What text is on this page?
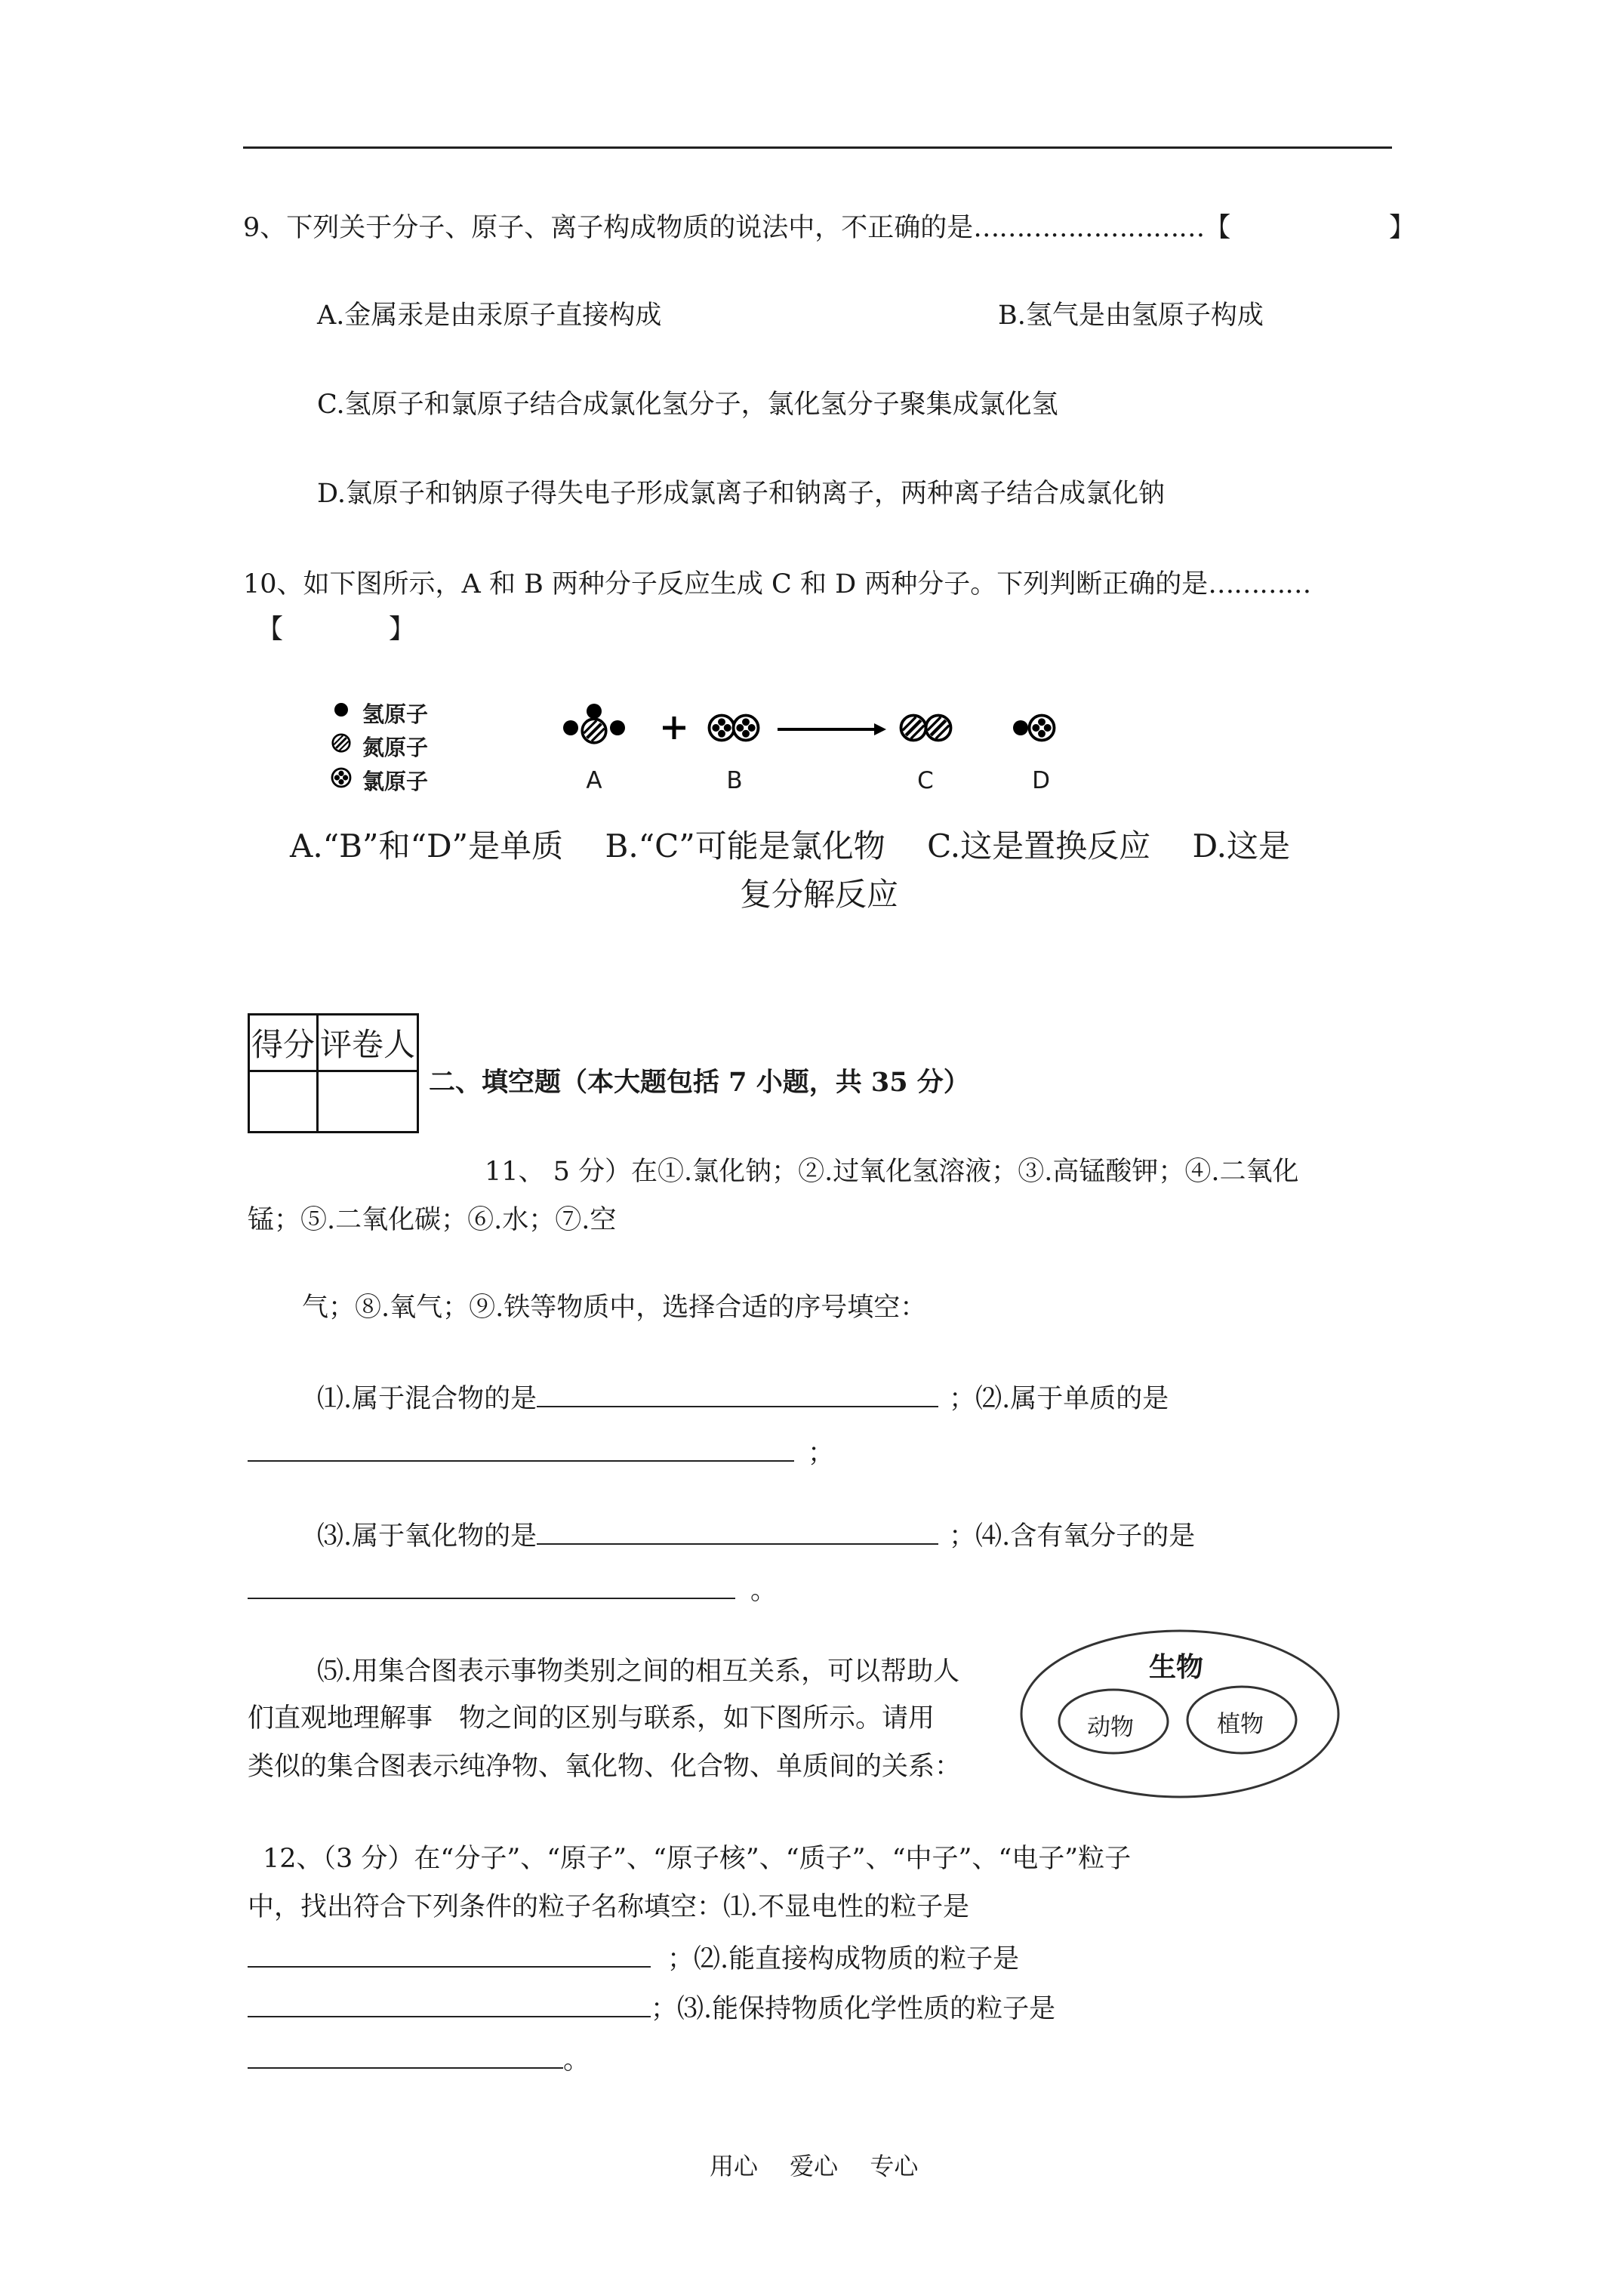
9、下列关于分子、原子、离子构成物质的说法中，不正确的是………………………【	】
A.金属汞是由汞原子直接构成	B.氢气是由氢原子构成
C.氢原子和氯原子结合成氯化氢分子，氯化氢分子聚集成氯化氢
D.氯原子和钠原子得失电子形成氯离子和钠离子，两种离子结合成氯化钠
10、如下图所示，A 和 B 两种分子反应生成 C 和 D 两种分子。下列判断正确的是…………
【　　　　】
氢原子
氮原子
氯原子	A	B	C	D
A.“B”和“D”是单质　 B.“C”可能是氯化物　 C.这是置换反应　 D.这是
复分解反应
得分	评卷人

二、填空题（本大题包括 7 小题，共 35 分）
11、 5 分）在①.氯化钠；②.过氧化氢溶液；③.高锰酸钾；④.二氧化
锰；⑤.二氧化碳；⑥.水；⑦.空
气；⑧.氧气；⑨.铁等物质中，选择合适的序号填空：
⑴.属于混合物的是	；⑵.属于单质的是
；
⑶.属于氧化物的是	；⑷.含有氧分子的是
。
⑸.用集合图表示事物类别之间的相互关系，可以帮助人
们直观地理解事　物之间的区别与联系，如下图所示。请用
类似的集合图表示纯净物、氧化物、化合物、单质间的关系：
生物
动物	植物
12、（3 分）在“分子”、“原子”、“原子核”、“质子”、“中子”、“电子”粒子
中，找出符合下列条件的粒子名称填空：⑴.不显电性的粒子是
；⑵.能直接构成物质的粒子是
；⑶.能保持物质化学性质的粒子是
。
用心　 爱心　 专心
